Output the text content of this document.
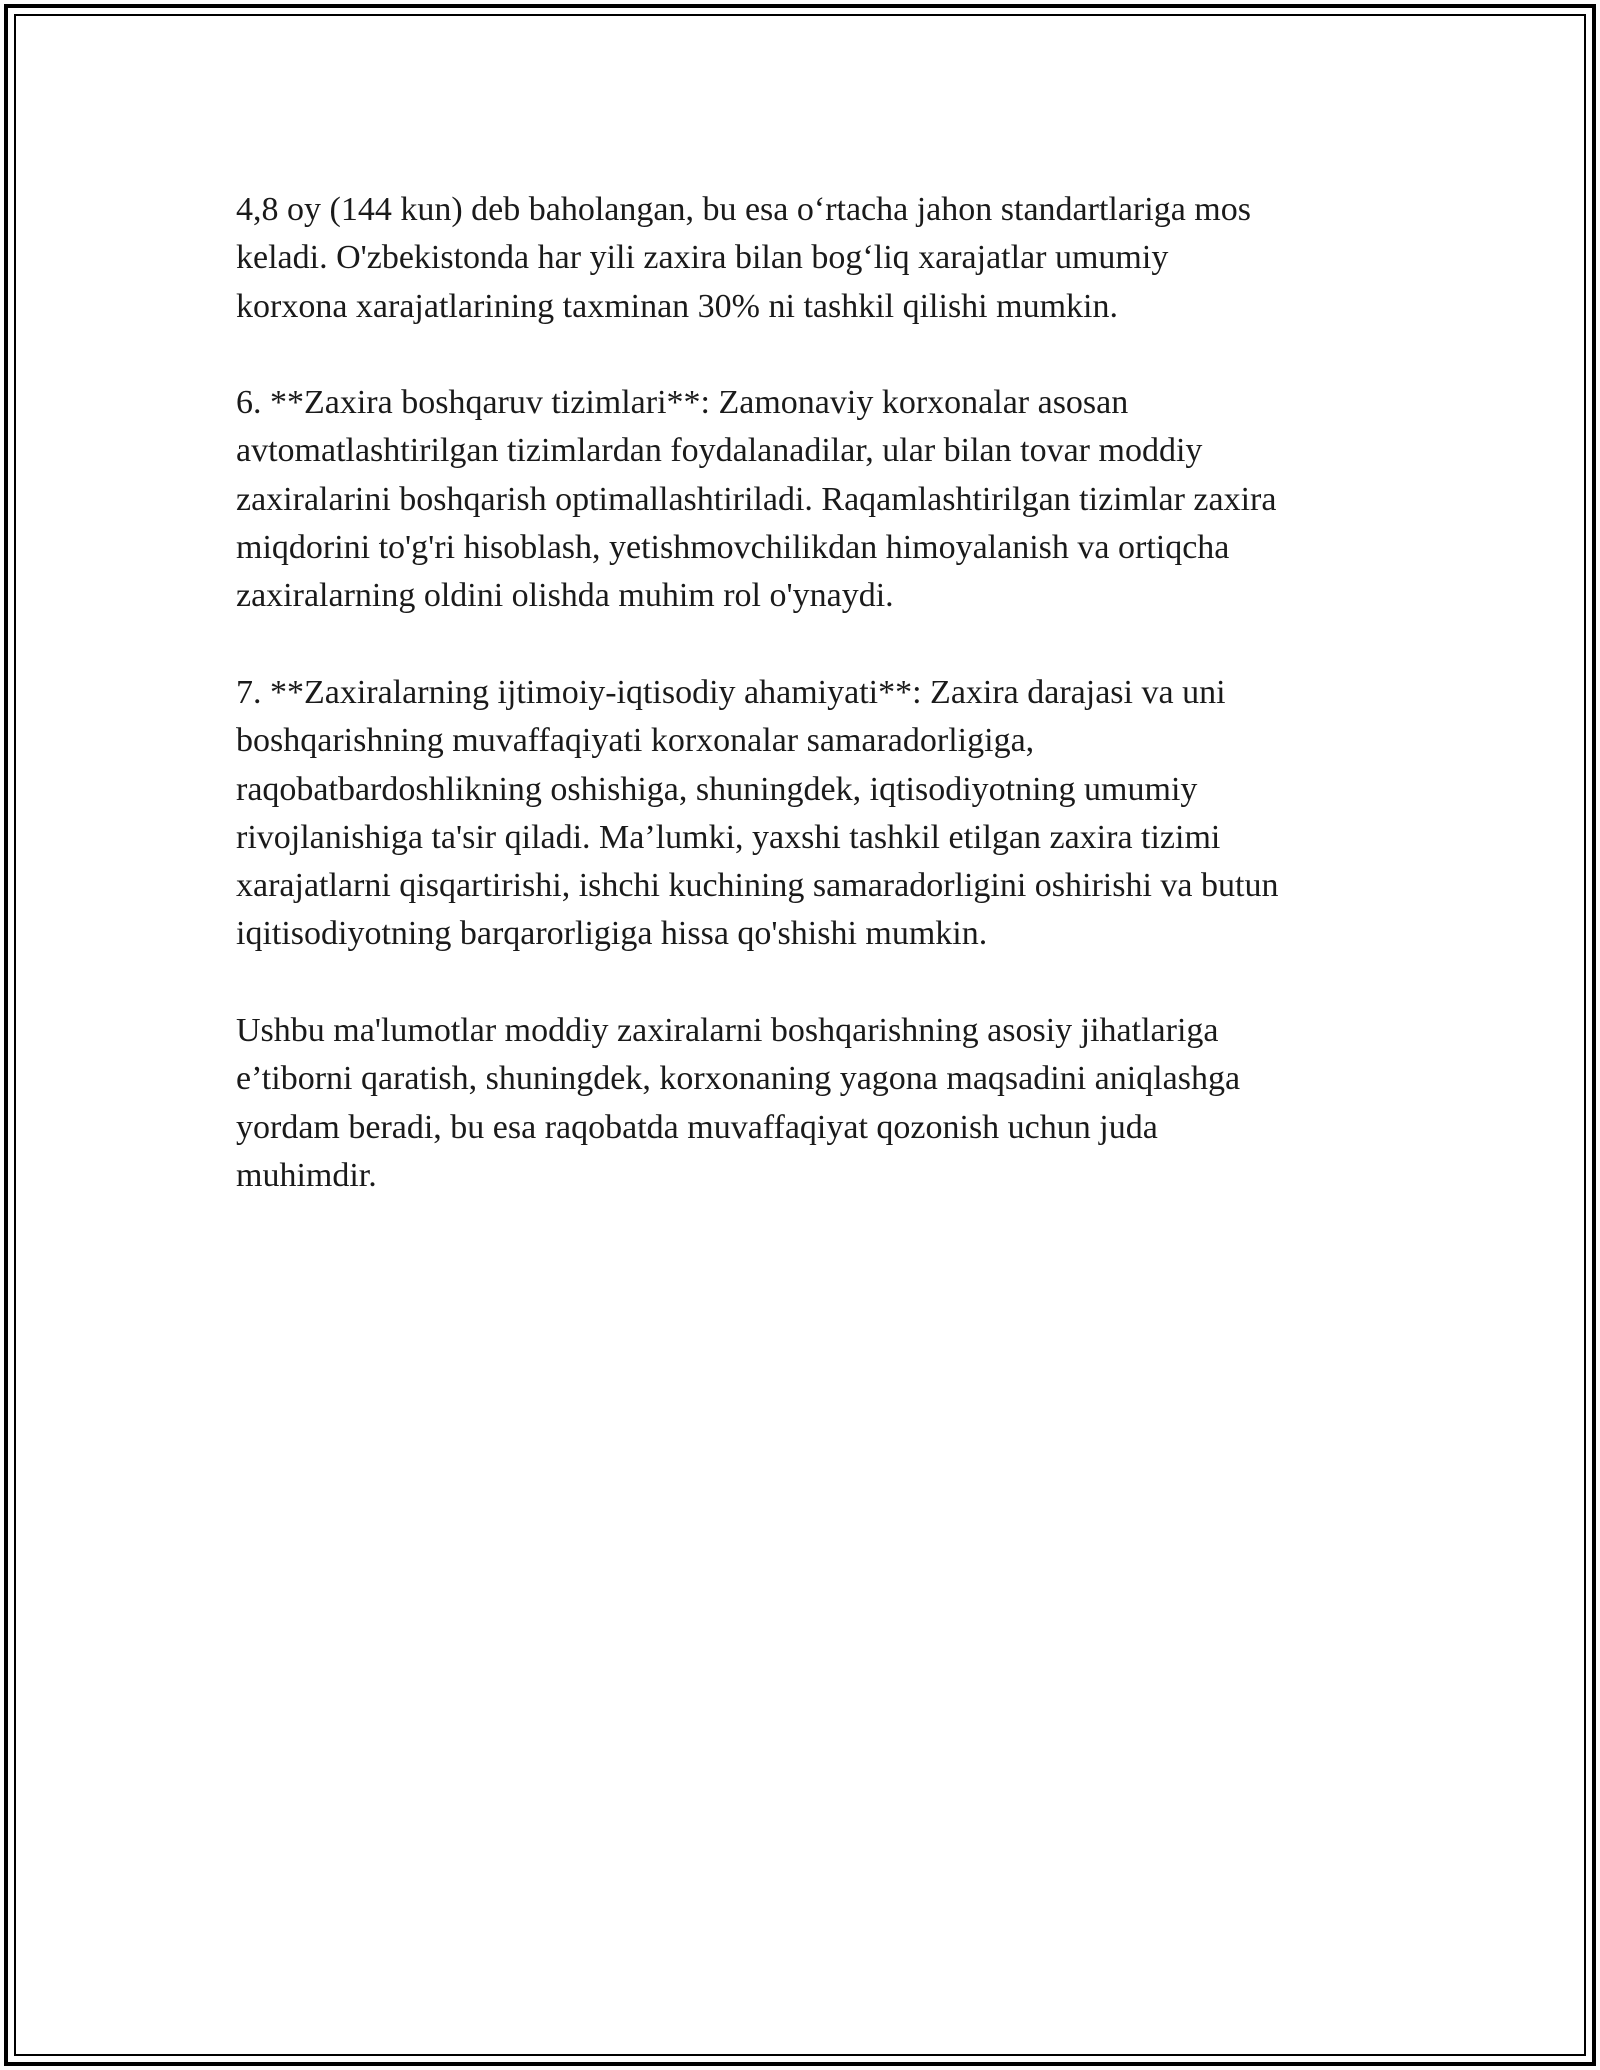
4,8 oy (144 kun) deb baholangan, bu esa o‘rtacha jahon standartlariga mos
keladi. O'zbekistonda har yili zaxira bilan bog‘liq xarajatlar umumiy
korxona xarajatlarining taxminan 30% ni tashkil qilishi mumkin.

6. **Zaxira boshqaruv tizimlari**: Zamonaviy korxonalar asosan
avtomatlashtirilgan tizimlardan foydalanadilar, ular bilan tovar moddiy
zaxiralarini boshqarish optimallashtiriladi. Raqamlashtirilgan tizimlar zaxira
miqdorini to'g'ri hisoblash, yetishmovchilikdan himoyalanish va ortiqcha
zaxiralarning oldini olishda muhim rol o'ynaydi.

7. **Zaxiralarning ijtimoiy-iqtisodiy ahamiyati**: Zaxira darajasi va uni
boshqarishning muvaffaqiyati korxonalar samaradorligiga,
raqobatbardoshlikning oshishiga, shuningdek, iqtisodiyotning umumiy
rivojlanishiga ta'sir qiladi. Ma’lumki, yaxshi tashkil etilgan zaxira tizimi
xarajatlarni qisqartirishi, ishchi kuchining samaradorligini oshirishi va butun
iqitisodiyotning barqarorligiga hissa qo'shishi mumkin.

Ushbu ma'lumotlar moddiy zaxiralarni boshqarishning asosiy jihatlariga
e’tiborni qaratish, shuningdek, korxonaning yagona maqsadini aniqlashga
yordam beradi, bu esa raqobatda muvaffaqiyat qozonish uchun juda
muhimdir.
